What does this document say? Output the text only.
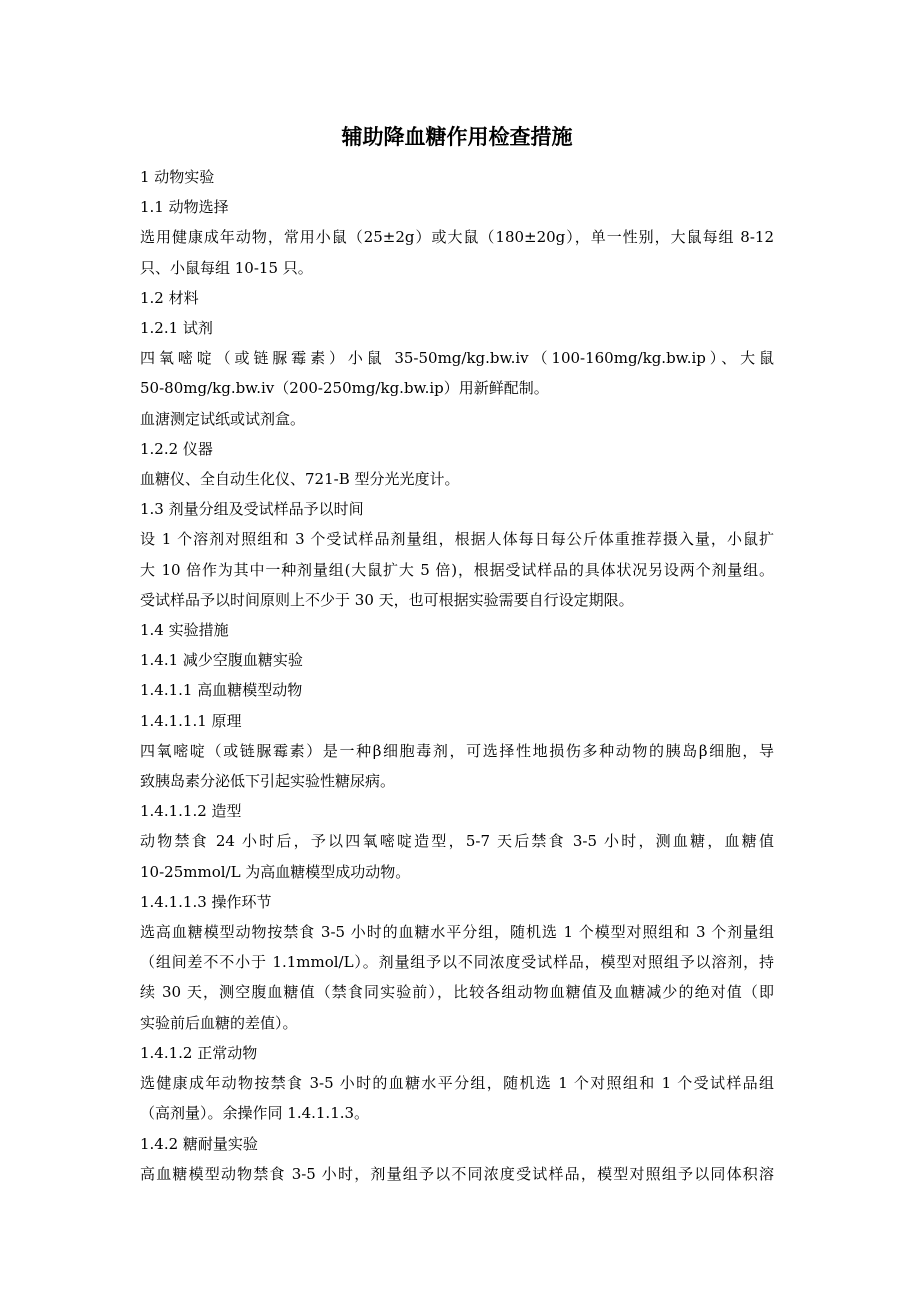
辅助降血糖作用检查措施
1 动物实验
1.1 动物选择
选用健康成年动物，常用小鼠（25±2g）或大鼠（180±20g），单一性别，大鼠每组 8-12
只、小鼠每组 10-15 只。
1.2 材料
1.2.1 试剂
四氧嘧啶（或链脲霉素）小鼠 35-50mg/kg.bw.iv（100-160mg/kg.bw.ip）、大鼠
50-80mg/kg.bw.iv（200-250mg/kg.bw.ip）用新鲜配制。
血溏测定试纸或试剂盒。
1.2.2 仪器
血糖仪、全自动生化仪、721-B 型分光光度计。
1.3 剂量分组及受试样品予以时间
设 1 个溶剂对照组和 3 个受试样品剂量组，根据人体每日每公斤体重推荐摄入量，小鼠扩
大 10 倍作为其中一种剂量组(大鼠扩大 5 倍)，根据受试样品的具体状况另设两个剂量组。
受试样品予以时间原则上不少于 30 天，也可根据实验需要自行设定期限。
1.4 实验措施
1.4.1 减少空腹血糖实验
1.4.1.1 高血糖模型动物
1.4.1.1.1 原理
四氧嘧啶（或链脲霉素）是一种β细胞毒剂，可选择性地损伤多种动物的胰岛β细胞，导
致胰岛素分泌低下引起实验性糖尿病。
1.4.1.1.2 造型
动物禁食 24 小时后，予以四氧嘧啶造型，5-7 天后禁食 3-5 小时，测血糖，血糖值
10-25mmol/L 为高血糖模型成功动物。
1.4.1.1.3 操作环节
选高血糖模型动物按禁食 3-5 小时的血糖水平分组，随机选 1 个模型对照组和 3 个剂量组
（组间差不不小于 1.1mmol/L）。剂量组予以不同浓度受试样品，模型对照组予以溶剂，持
续 30 天，测空腹血糖值（禁食同实验前），比较各组动物血糖值及血糖减少的绝对值（即
实验前后血糖的差值）。
1.4.1.2 正常动物
选健康成年动物按禁食 3-5 小时的血糖水平分组，随机选 1 个对照组和 1 个受试样品组
（高剂量）。余操作同 1.4.1.1.3。
1.4.2 糖耐量实验
高血糖模型动物禁食 3-5 小时，剂量组予以不同浓度受试样品，模型对照组予以同体积溶
